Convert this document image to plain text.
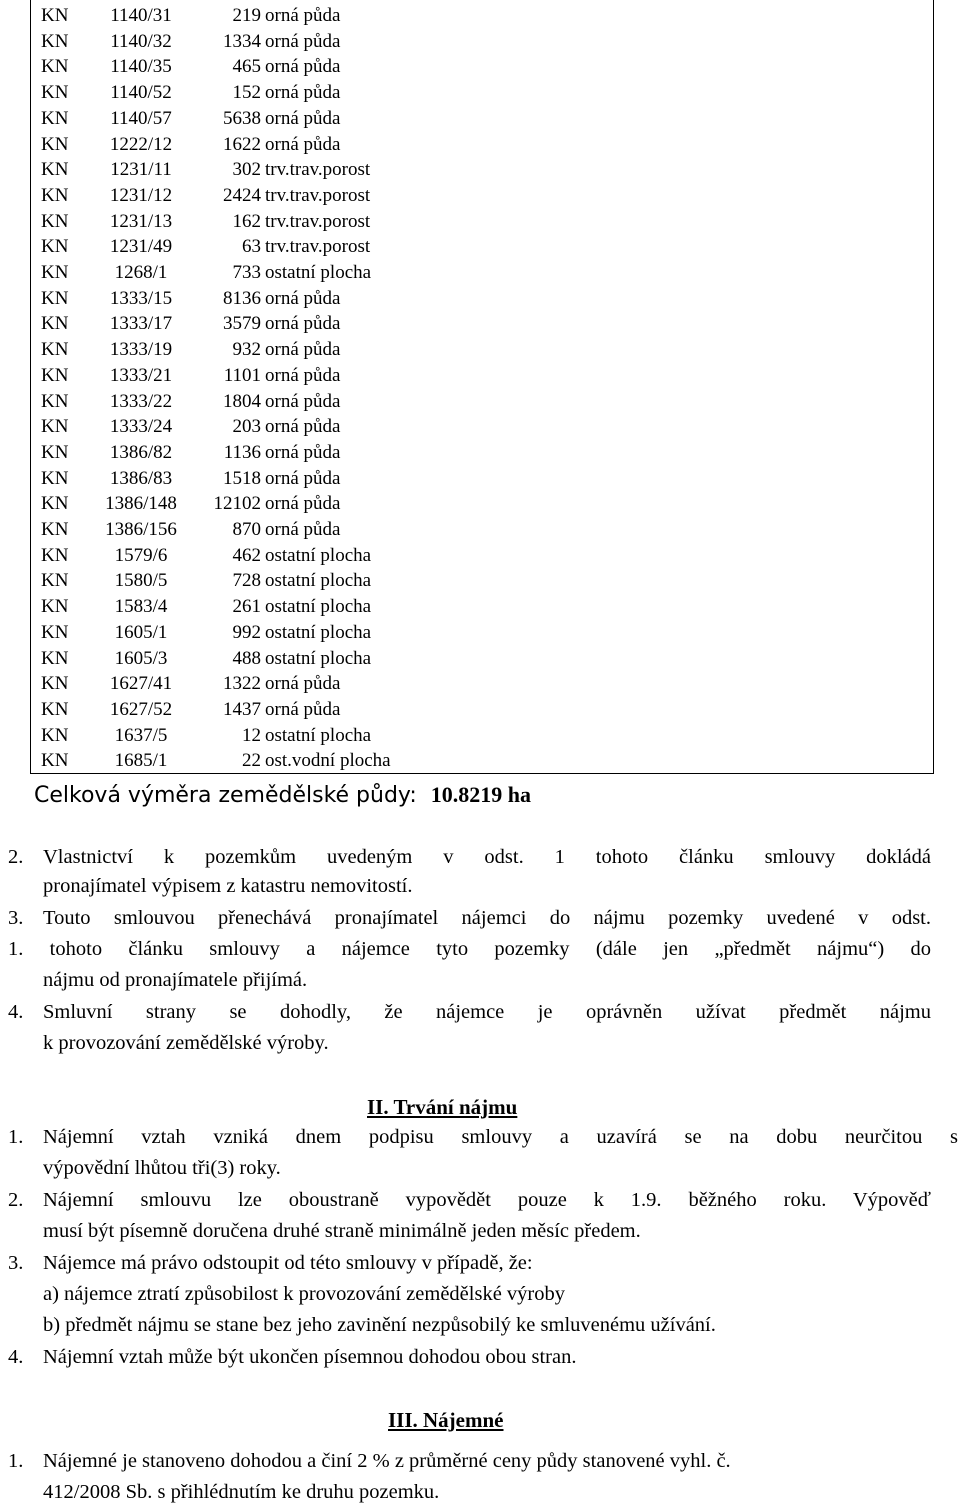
KN	1140/31	219 orná půda
KN	1140/32	1334 orná půda
KN	1140/35	465 orná půda
KN	1140/52	152 orná půda
KN	1140/57	5638 orná půda
KN	1222/12	1622 orná půda
KN	1231/11	302 trv.trav.porost
KN	1231/12	2424 trv.trav.porost
KN	1231/13	162 trv.trav.porost
KN	1231/49	63 trv.trav.porost
KN	1268/1	733 ostatní plocha
KN	1333/15	8136 orná půda
KN	1333/17	3579 orná půda
KN	1333/19	932 orná půda
KN	1333/21	1101 orná půda
KN	1333/22	1804 orná půda
KN	1333/24	203 orná půda
KN	1386/82	1136 orná půda
KN	1386/83	1518 orná půda
KN	1386/148	12102 orná půda
KN	1386/156	870 orná půda
KN	1579/6	462 ostatní plocha
KN	1580/5	728 ostatní plocha
KN	1583/4	261 ostatní plocha
KN	1605/1	992 ostatní plocha
KN	1605/3	488 ostatní plocha
KN	1627/41	1322 orná půda
KN	1627/52	1437 orná půda
KN	1637/5	12 ostatní plocha
KN	1685/1	22 ost.vodní plocha
Celková výměra zemědělské půdy: 10.8219 ha
2. Vlastnictví k pozemkům uvedeným v odst. 1 tohoto článku smlouvy dokládá
pronajímatel výpisem z katastru nemovitostí.
3. Touto smlouvou přenechává pronajímatel nájemci do nájmu pozemky uvedené v odst.
1. tohoto článku smlouvy a nájemce tyto pozemky (dále jen „předmět nájmu“) do
nájmu od pronajímatele přijímá.
4. Smluvní strany se dohodly, že nájemce je oprávněn užívat předmět nájmu
k provozování zemědělské výroby.
II. Trvání nájmu
1. Nájemní vztah vzniká dnem podpisu smlouvy a uzavírá se na dobu neurčitou s
výpovědní lhůtou tři(3) roky.
2. Nájemní smlouvu lze oboustraně vypovědět pouze k 1.9. běžného roku. Výpověď
musí být písemně doručena druhé straně minimálně jeden měsíc předem.
3. Nájemce má právo odstoupit od této smlouvy v případě, že:
a) nájemce ztratí způsobilost k provozování zemědělské výroby
b) předmět nájmu se stane bez jeho zavinění nezpůsobilý ke smluvenému užívání.
4. Nájemní vztah může být ukončen písemnou dohodou obou stran.
III. Nájemné
1. Nájemné je stanoveno dohodou a činí 2 % z průměrné ceny půdy stanovené vyhl. č.
412/2008 Sb. s přihlédnutím ke druhu pozemku.
